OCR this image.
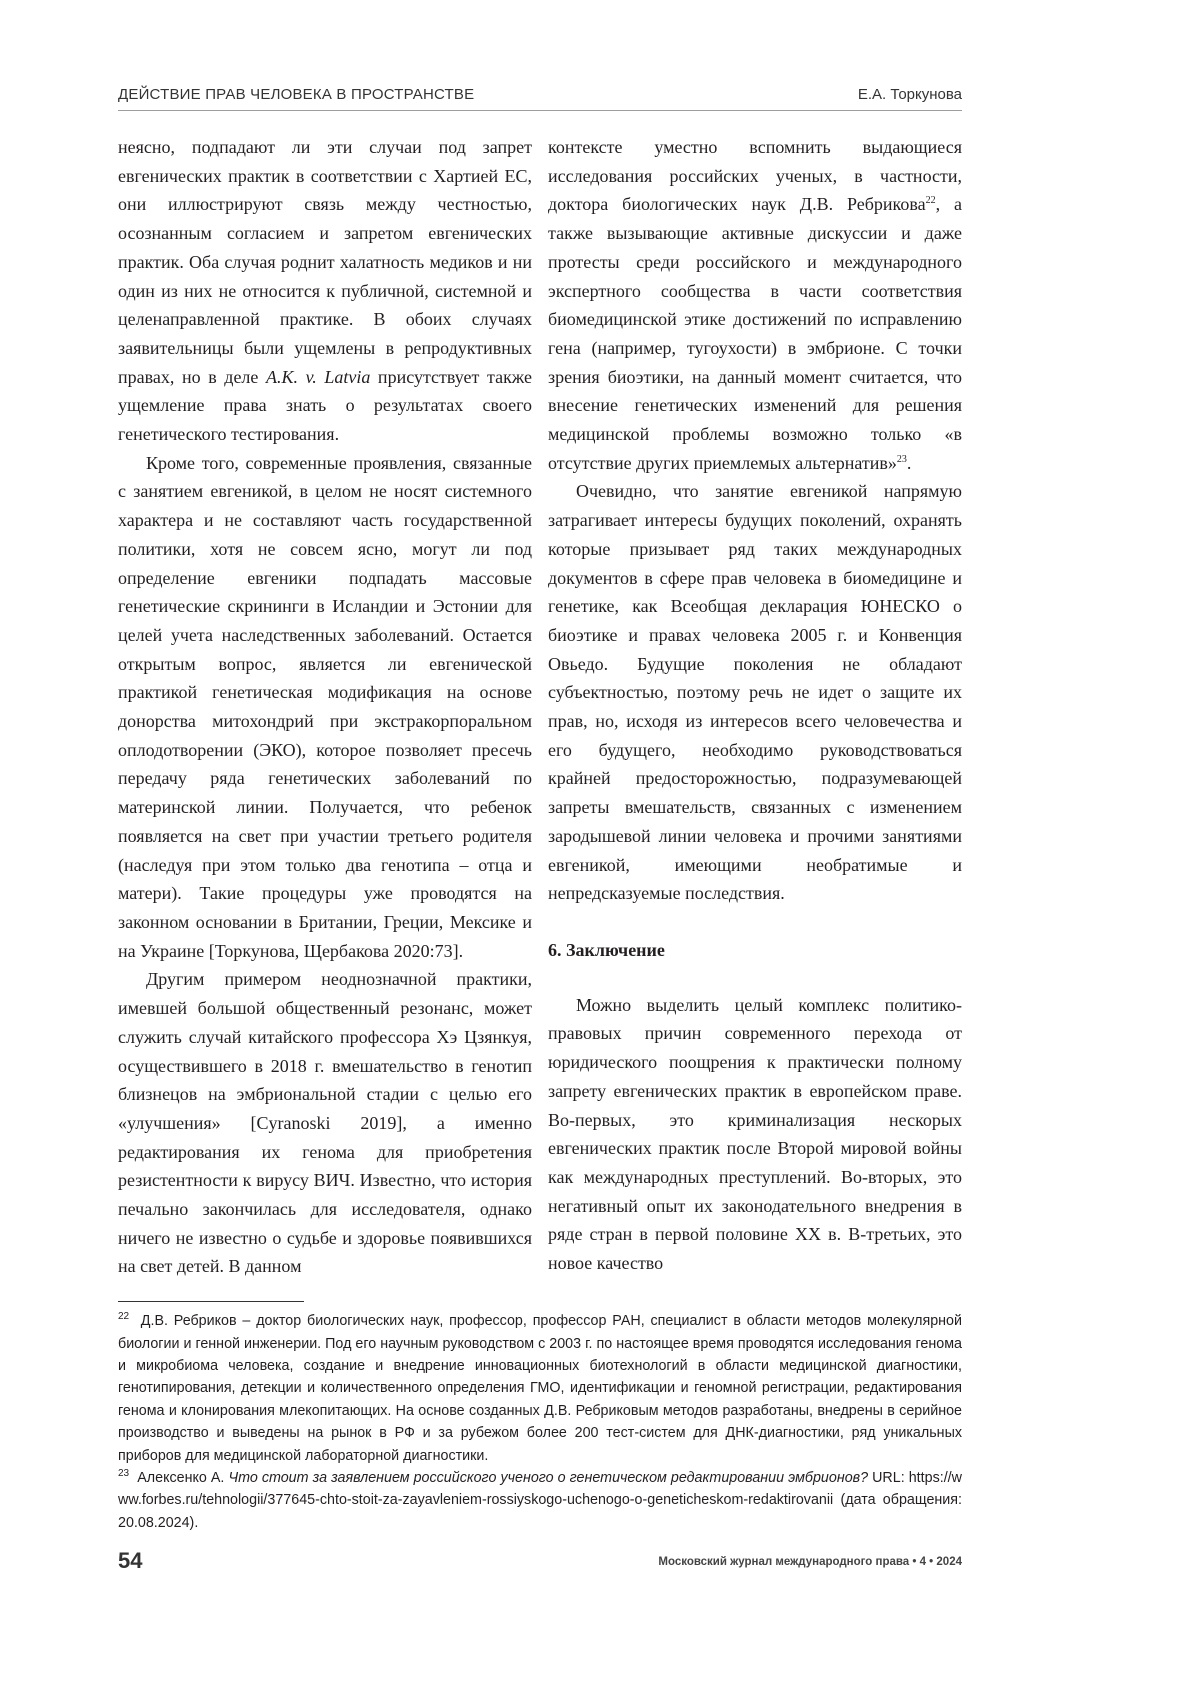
ДЕЙСТВИЕ ПРАВ ЧЕЛОВЕКА В ПРОСТРАНСТВЕ	Е.А. Торкунова

неясно, подпадают ли эти случаи под запрет евгенических практик в соответствии с Хартией ЕС, они иллюстрируют связь между честностью, осознанным согласием и запретом евгенических практик. Оба случая роднит халатность медиков и ни один из них не относится к публичной, системной и целенаправленной практике. В обоих случаях заявительницы были ущемлены в репродуктивных правах, но в деле A.K. v. Latvia присутствует также ущемление права знать о результатах своего генетического тестирования.

Кроме того, современные проявления, связанные с занятием евгеникой, в целом не носят системного характера и не составляют часть государственной политики, хотя не совсем ясно, могут ли под определение евгеники подпадать массовые генетические скрининги в Исландии и Эстонии для целей учета наследственных заболеваний. Остается открытым вопрос, является ли евгенической практикой генетическая модификация на основе донорства митохондрий при экстракорпоральном оплодотворении (ЭКО), которое позволяет пресечь передачу ряда генетических заболеваний по материнской линии. Получается, что ребенок появляется на свет при участии третьего родителя (наследуя при этом только два генотипа – отца и матери). Такие процедуры уже проводятся на законном основании в Британии, Греции, Мексике и на Украине [Торкунова, Щербакова 2020:73].

Другим примером неоднозначной практики, имевшей большой общественный резонанс, может служить случай китайского профессора Хэ Цзянкуя, осуществившего в 2018 г. вмешательство в генотип близнецов на эмбриональной стадии с целью его «улучшения» [Cyranoski 2019], а именно редактирования их генома для приобретения резистентности к вирусу ВИЧ. Известно, что история печально закончилась для исследователя, однако ничего не известно о судьбе и здоровье появившихся на свет детей. В данном

контексте уместно вспомнить выдающиеся исследования российских ученых, в частности, доктора биологических наук Д.В. Ребрикова22, а также вызывающие активные дискуссии и даже протесты среди российского и международного экспертного сообщества в части соответствия биомедицинской этике достижений по исправлению гена (например, тугоухости) в эмбрионе. С точки зрения биоэтики, на данный момент считается, что внесение генетических изменений для решения медицинской проблемы возможно только «в отсутствие других приемлемых альтернатив»23.

Очевидно, что занятие евгеникой напрямую затрагивает интересы будущих поколений, охранять которые призывает ряд таких международных документов в сфере прав человека в биомедицине и генетике, как Всеобщая декларация ЮНЕСКО о биоэтике и правах человека 2005 г. и Конвенция Овьедо. Будущие поколения не обладают субъектностью, поэтому речь не идет о защите их прав, но, исходя из интересов всего человечества и его будущего, необходимо руководствоваться крайней предосторожностью, подразумевающей запреты вмешательств, связанных с изменением зародышевой линии человека и прочими занятиями евгеникой, имеющими необратимые и непредсказуемые последствия.

6. Заключение

Можно выделить целый комплекс политико-правовых причин современного перехода от юридического поощрения к практически полному запрету евгенических практик в европейском праве. Во-первых, это криминализация нескорых евгенических практик после Второй мировой войны как международных преступлений. Во-вторых, это негативный опыт их законодательного внедрения в ряде стран в первой половине XX в. В-третьих, это новое качество

22 Д.В. Ребриков – доктор биологических наук, профессор, профессор РАН, специалист в области методов молекулярной биологии и генной инженерии. Под его научным руководством с 2003 г. по настоящее время проводятся исследования генома и микробиома человека, создание и внедрение инновационных биотехнологий в области медицинской диагностики, генотипирования, детекции и количественного определения ГМО, идентификации и геномной регистрации, редактирования генома и клонирования млекопитающих. На основе созданных Д.В. Ребриковым методов разработаны, внедрены в серийное производство и выведены на рынок в РФ и за рубежом более 200 тест-систем для ДНК-диагностики, ряд уникальных приборов для медицинской лабораторной диагностики.

23 Алексенко А. Что стоит за заявлением российского ученого о генетическом редактировании эмбрионов? URL: https://www.forbes.ru/tehnologii/377645-chto-stoit-za-zayavleniem-rossiyskogo-uchenogo-o-geneticheskom-redaktirovanii (дата обращения: 20.08.2024).

54	Московский журнал международного права • 4 • 2024
